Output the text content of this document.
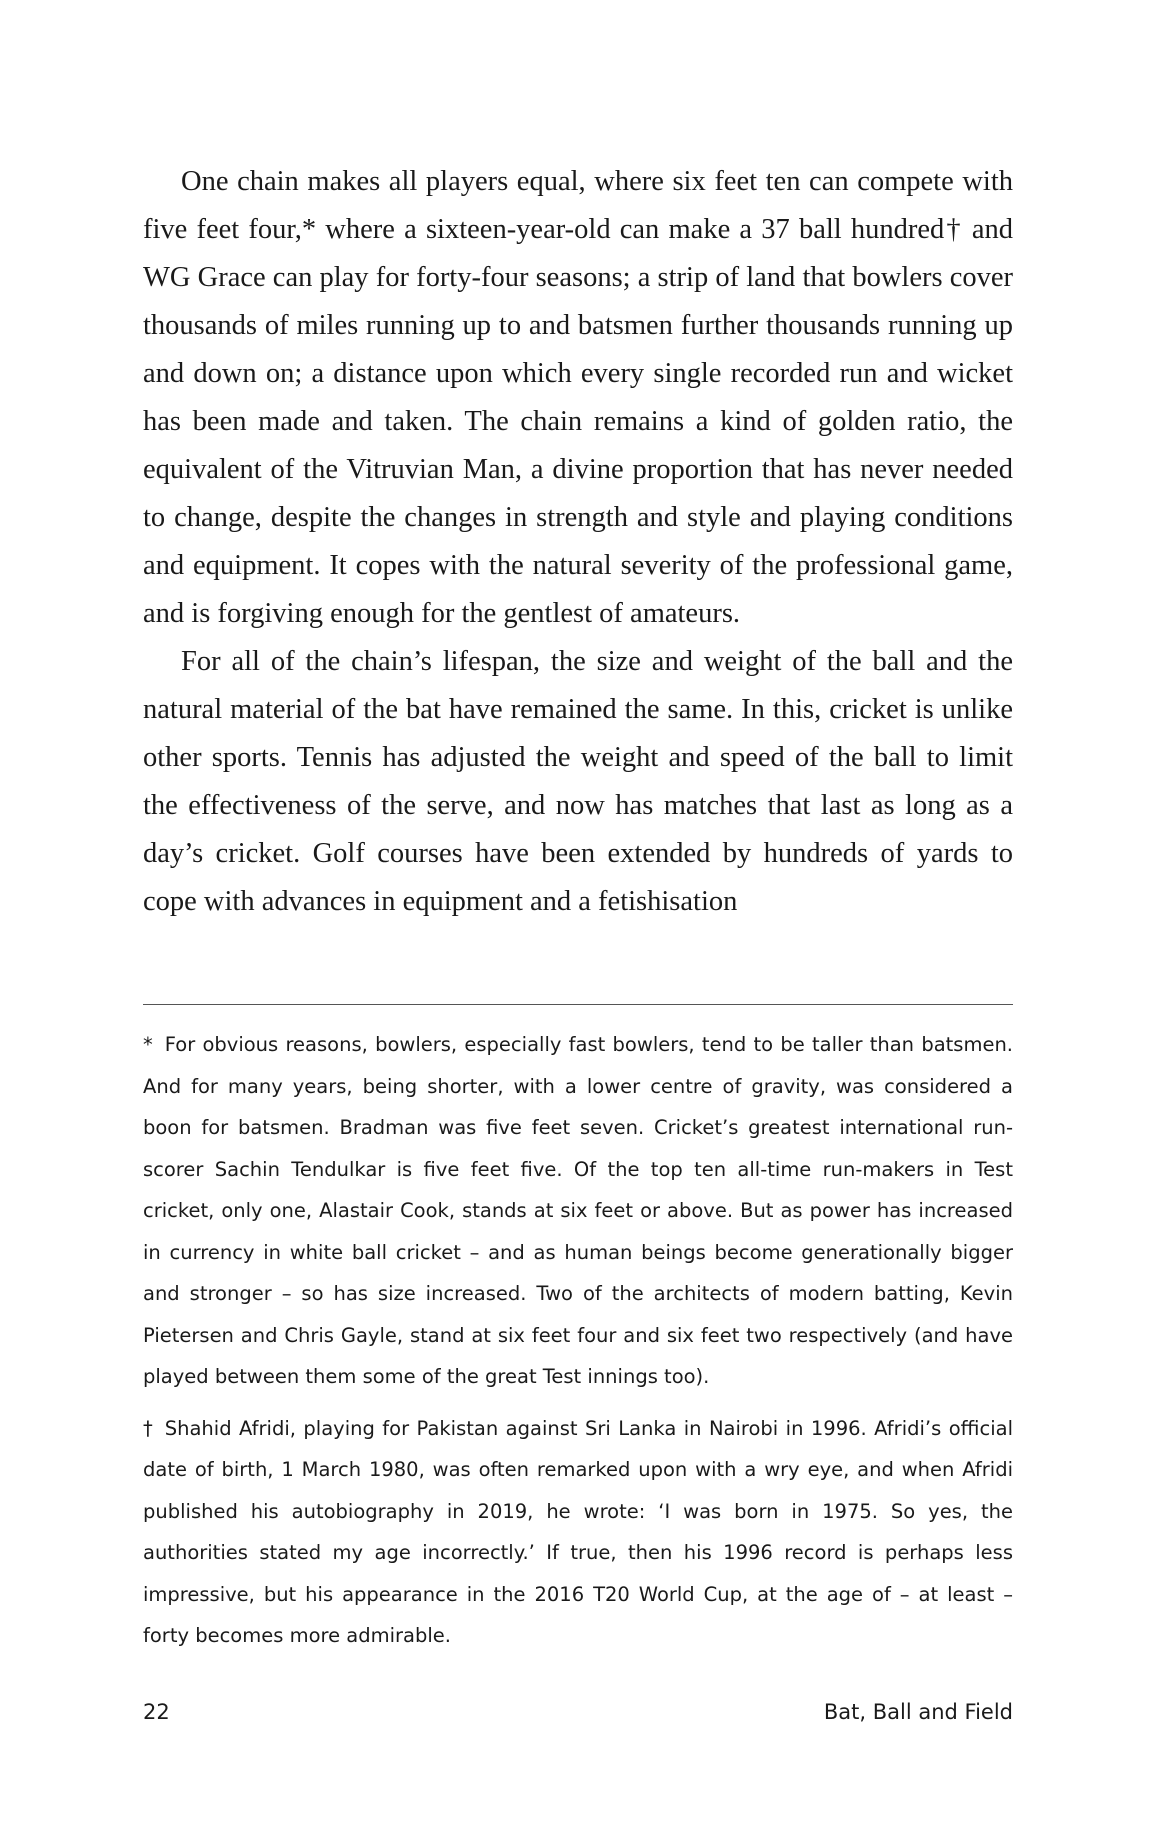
One chain makes all players equal, where six feet ten can compete with five feet four,* where a sixteen-year-old can make a 37 ball hundred† and WG Grace can play for forty-four seasons; a strip of land that bowlers cover thousands of miles running up to and batsmen further thousands running up and down on; a distance upon which every single recorded run and wicket has been made and taken. The chain remains a kind of golden ratio, the equivalent of the Vitruvian Man, a divine proportion that has never needed to change, despite the changes in strength and style and playing conditions and equipment. It copes with the natural severity of the professional game, and is forgiving enough for the gentlest of amateurs.

For all of the chain’s lifespan, the size and weight of the ball and the natural material of the bat have remained the same. In this, cricket is unlike other sports. Tennis has adjusted the weight and speed of the ball to limit the effectiveness of the serve, and now has matches that last as long as a day’s cricket. Golf courses have been extended by hundreds of yards to cope with advances in equipment and a fetishisation

* For obvious reasons, bowlers, especially fast bowlers, tend to be taller than batsmen. And for many years, being shorter, with a lower centre of gravity, was considered a boon for batsmen. Bradman was five feet seven. Cricket’s greatest international run-scorer Sachin Tendulkar is five feet five. Of the top ten all-time run-makers in Test cricket, only one, Alastair Cook, stands at six feet or above. But as power has increased in currency in white ball cricket – and as human beings become generationally bigger and stronger – so has size increased. Two of the architects of modern batting, Kevin Pietersen and Chris Gayle, stand at six feet four and six feet two respectively (and have played between them some of the great Test innings too).

† Shahid Afridi, playing for Pakistan against Sri Lanka in Nairobi in 1996. Afridi’s official date of birth, 1 March 1980, was often remarked upon with a wry eye, and when Afridi published his autobiography in 2019, he wrote: ‘I was born in 1975. So yes, the authorities stated my age incorrectly.’ If true, then his 1996 record is perhaps less impressive, but his appearance in the 2016 T20 World Cup, at the age of – at least – forty becomes more admirable.

22	Bat, Ball and Field
